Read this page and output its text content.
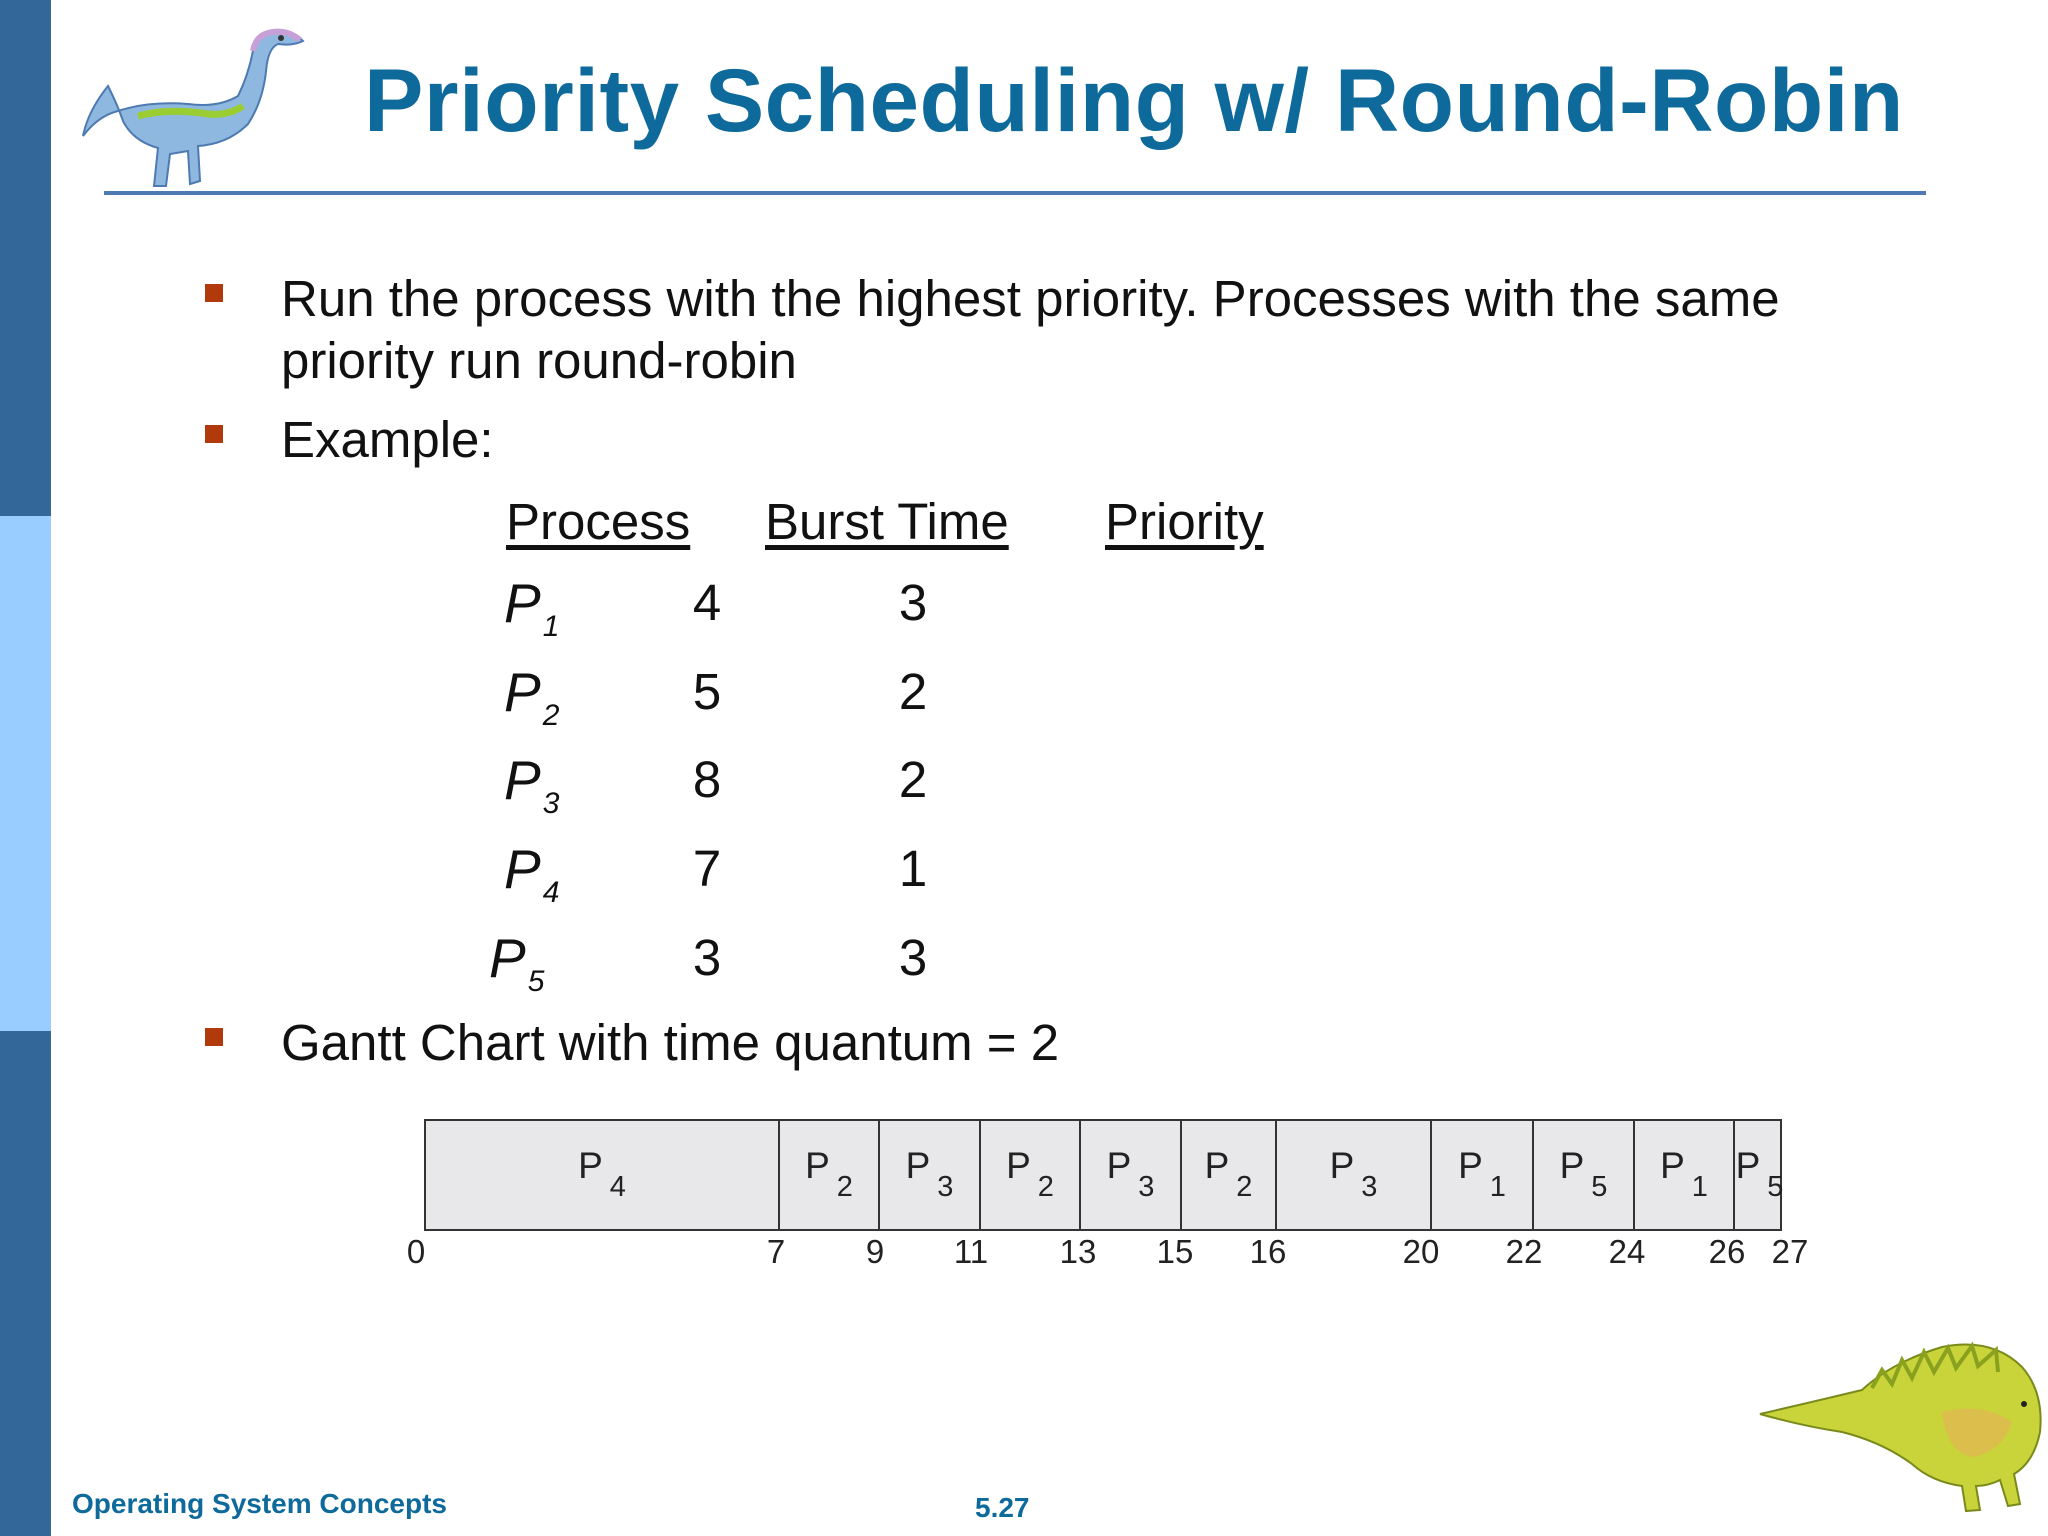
Priority Scheduling w/ Round-Robin
Run the process with the highest priority. Processes with the same
priority run round-robin
Example:
Process Burst Time Priority
$P_1$	4	3
$P_2$	5	2
$P_3$	8	2
$P_4$	7	1
$P_5$	3	3
Gantt Chart with time quantum = 2
$P_4$
$P_2$
$P_3$
$P_2$
$P_3$
$P_2$
$P_3$
$P_1$
$P_5$
$P_1$
$P_5$
0	7	9	11	13	15	16	20	22	24	26 27
Operating System Concepts	5.27
